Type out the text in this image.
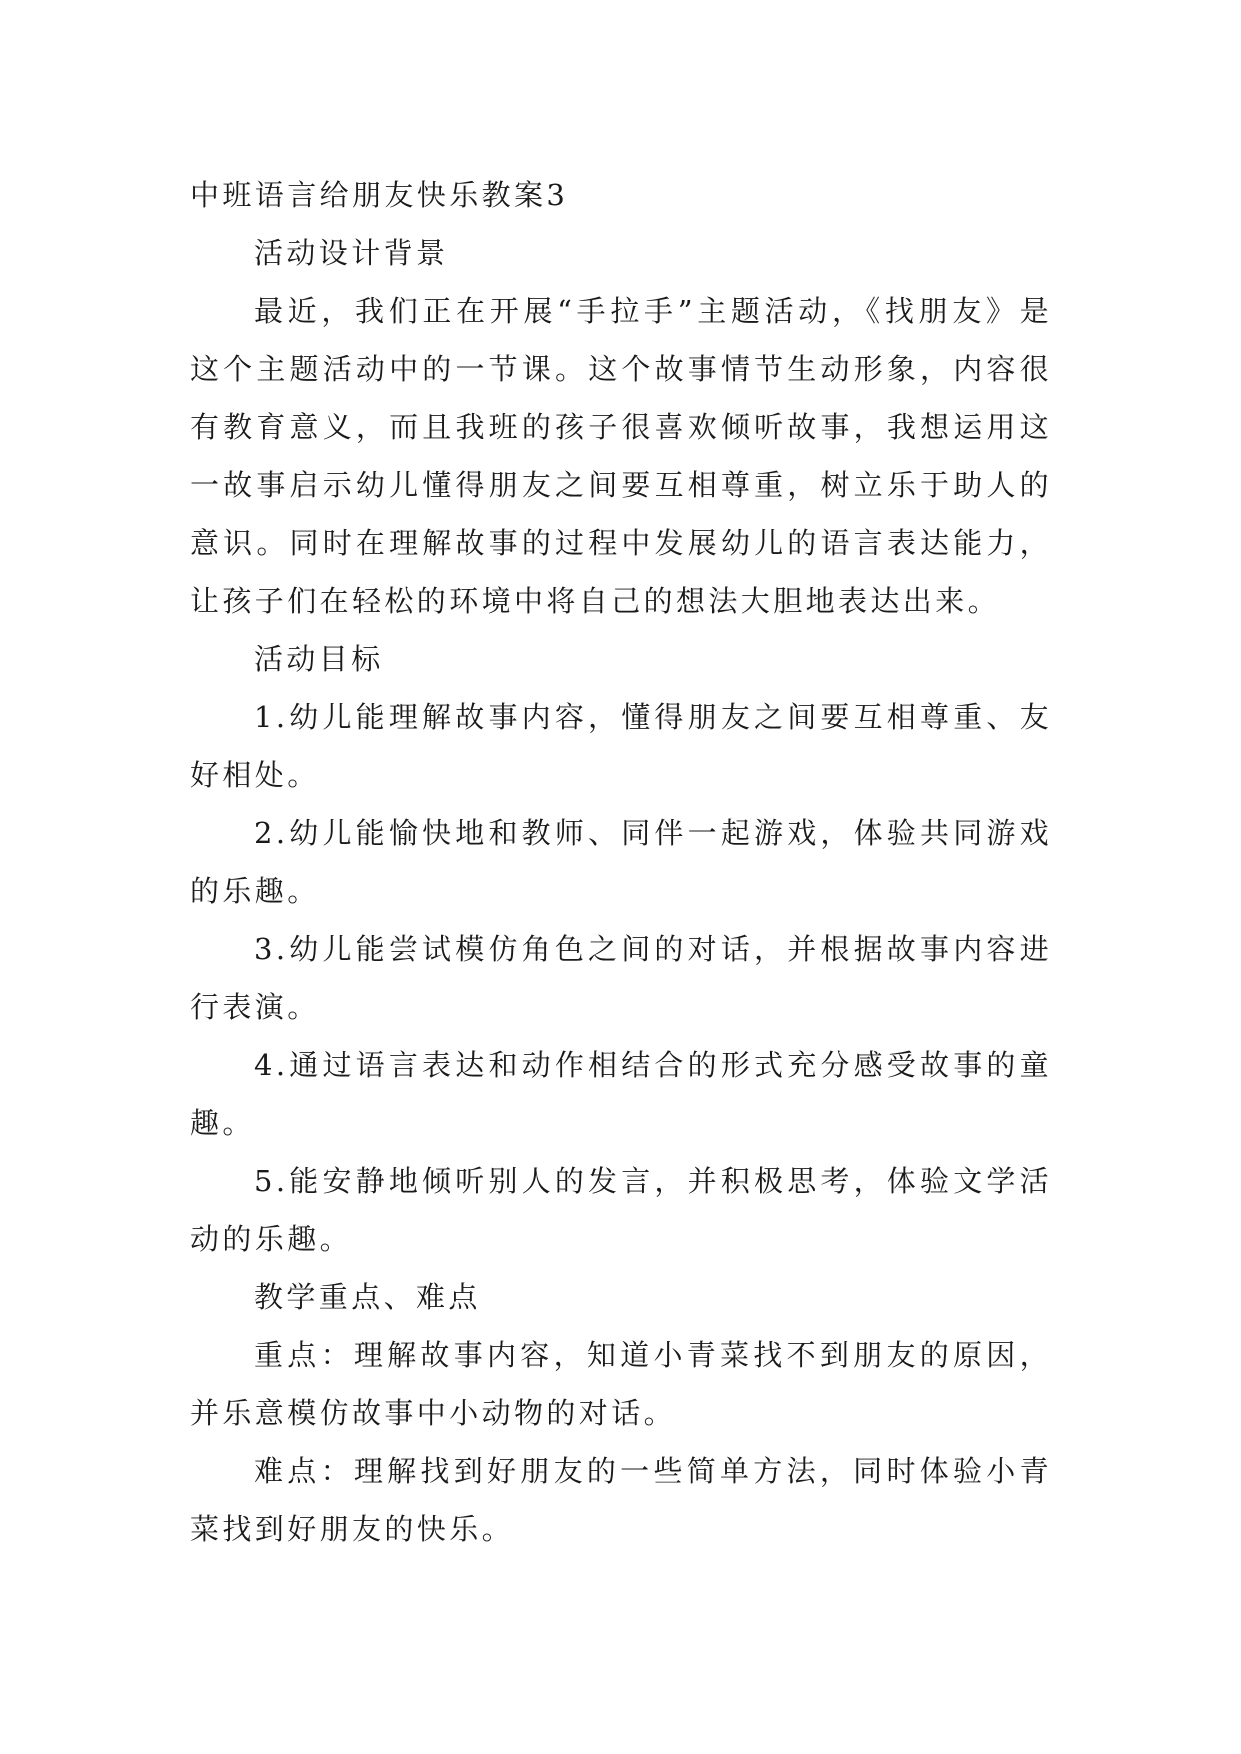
中班语言给朋友快乐教案3

活动设计背景

最近，我们正在开展“手拉手”主题活动，《找朋友》是这个主题活动中的一节课。这个故事情节生动形象，内容很有教育意义，而且我班的孩子很喜欢倾听故事，我想运用这一故事启示幼儿懂得朋友之间要互相尊重，树立乐于助人的意识。同时在理解故事的过程中发展幼儿的语言表达能力，让孩子们在轻松的环境中将自己的想法大胆地表达出来。

活动目标

1.幼儿能理解故事内容，懂得朋友之间要互相尊重、友好相处。

2.幼儿能愉快地和教师、同伴一起游戏，体验共同游戏的乐趣。

3.幼儿能尝试模仿角色之间的对话，并根据故事内容进行表演。

4.通过语言表达和动作相结合的形式充分感受故事的童趣。

5.能安静地倾听别人的发言，并积极思考，体验文学活动的乐趣。

教学重点、难点

重点：理解故事内容，知道小青菜找不到朋友的原因，并乐意模仿故事中小动物的对话。

难点：理解找到好朋友的一些简单方法，同时体验小青菜找到好朋友的快乐。
